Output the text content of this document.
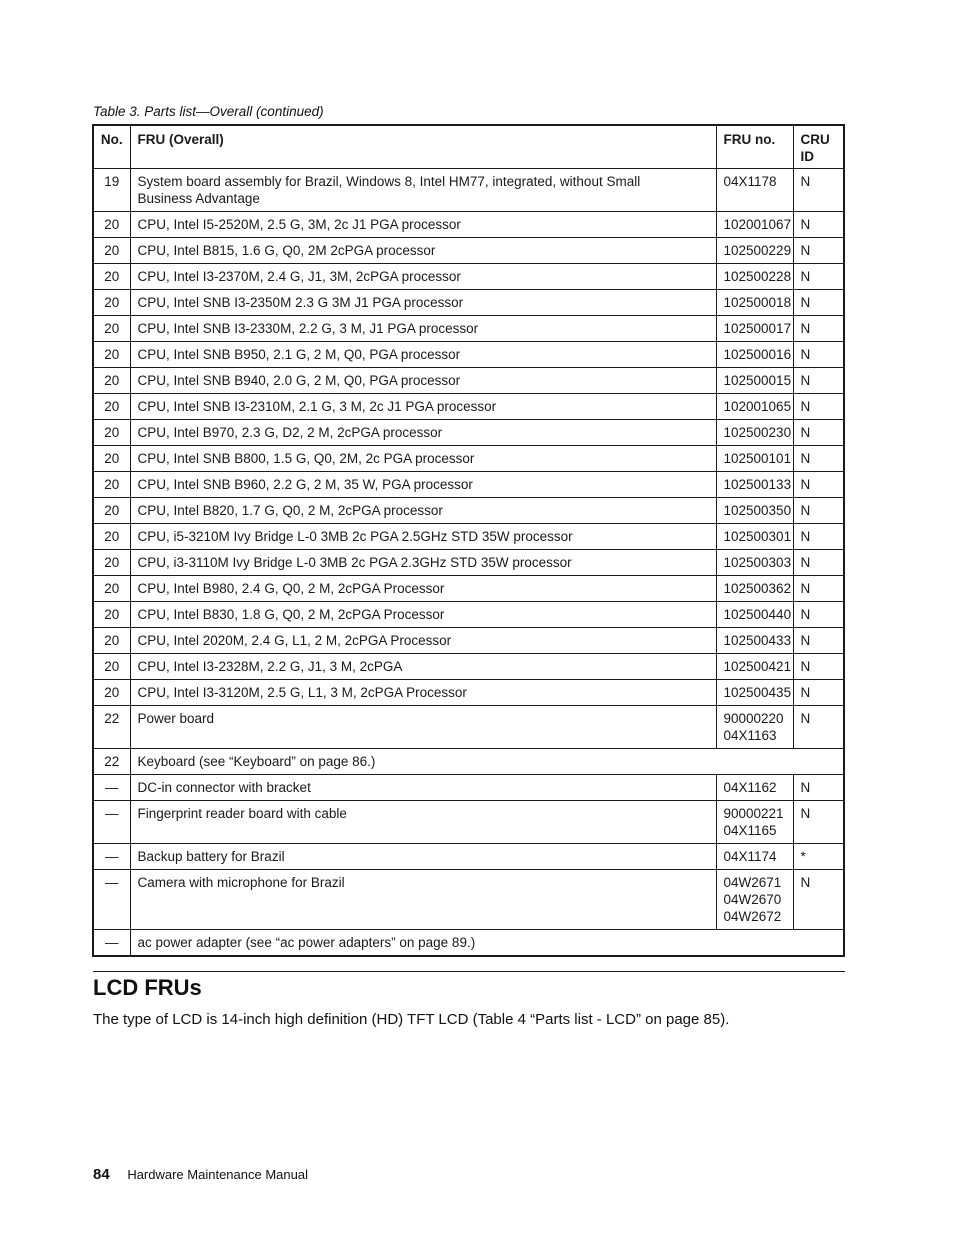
Table 3. Parts list—Overall (continued)
No.	FRU (Overall)	FRU no.	CRU
ID

19	System board assembly for Brazil, Windows 8, Intel HM77, integrated, without Small
Business Advantage	04X1178	N
20	CPU, Intel I5-2520M, 2.5 G, 3M, 2c J1 PGA processor	102001067	N
20	CPU, Intel B815, 1.6 G, Q0, 2M 2cPGA processor	102500229	N
20	CPU, Intel I3-2370M, 2.4 G, J1, 3M, 2cPGA processor	102500228	N
20	CPU, Intel SNB I3-2350M 2.3 G 3M J1 PGA processor	102500018	N
20	CPU, Intel SNB I3-2330M, 2.2 G, 3 M, J1 PGA processor	102500017	N
20	CPU, Intel SNB B950, 2.1 G, 2 M, Q0, PGA processor	102500016	N
20	CPU, Intel SNB B940, 2.0 G, 2 M, Q0, PGA processor	102500015	N
20	CPU, Intel SNB I3-2310M, 2.1 G, 3 M, 2c J1 PGA processor	102001065	N
20	CPU, Intel B970, 2.3 G, D2, 2 M, 2cPGA processor	102500230	N
20	CPU, Intel SNB B800, 1.5 G, Q0, 2M, 2c PGA processor	102500101	N
20	CPU, Intel SNB B960, 2.2 G, 2 M, 35 W, PGA processor	102500133	N
20	CPU, Intel B820, 1.7 G, Q0, 2 M, 2cPGA processor	102500350	N
20	CPU, i5-3210M Ivy Bridge L-0 3MB 2c PGA 2.5GHz STD 35W processor	102500301	N
20	CPU, i3-3110M Ivy Bridge L-0 3MB 2c PGA 2.3GHz STD 35W processor	102500303	N
20	CPU, Intel B980, 2.4 G, Q0, 2 M, 2cPGA Processor	102500362	N
20	CPU, Intel B830, 1.8 G, Q0, 2 M, 2cPGA Processor	102500440	N
20	CPU, Intel 2020M, 2.4 G, L1, 2 M, 2cPGA Processor	102500433	N
20	CPU, Intel I3-2328M, 2.2 G, J1, 3 M, 2cPGA	102500421	N
20	CPU, Intel I3-3120M, 2.5 G, L1, 3 M, 2cPGA Processor	102500435	N
22	Power board	90000220
04X1163	N
22	Keyboard (see “Keyboard” on page 86.)		

—	DC-in connector with bracket	04X1162	N
—	Fingerprint reader board with cable	90000221
04X1165	N
—	Backup battery for Brazil	04X1174	*
—	Camera with microphone for Brazil	04W2671
04W2670
04W2672	N
—	ac power adapter (see “ac power adapters” on page 89.)		
LCD FRUs
The type of LCD is 14-inch high definition (HD) TFT LCD (Table 4 “Parts list - LCD” on page 85).
84 Hardware Maintenance Manual
